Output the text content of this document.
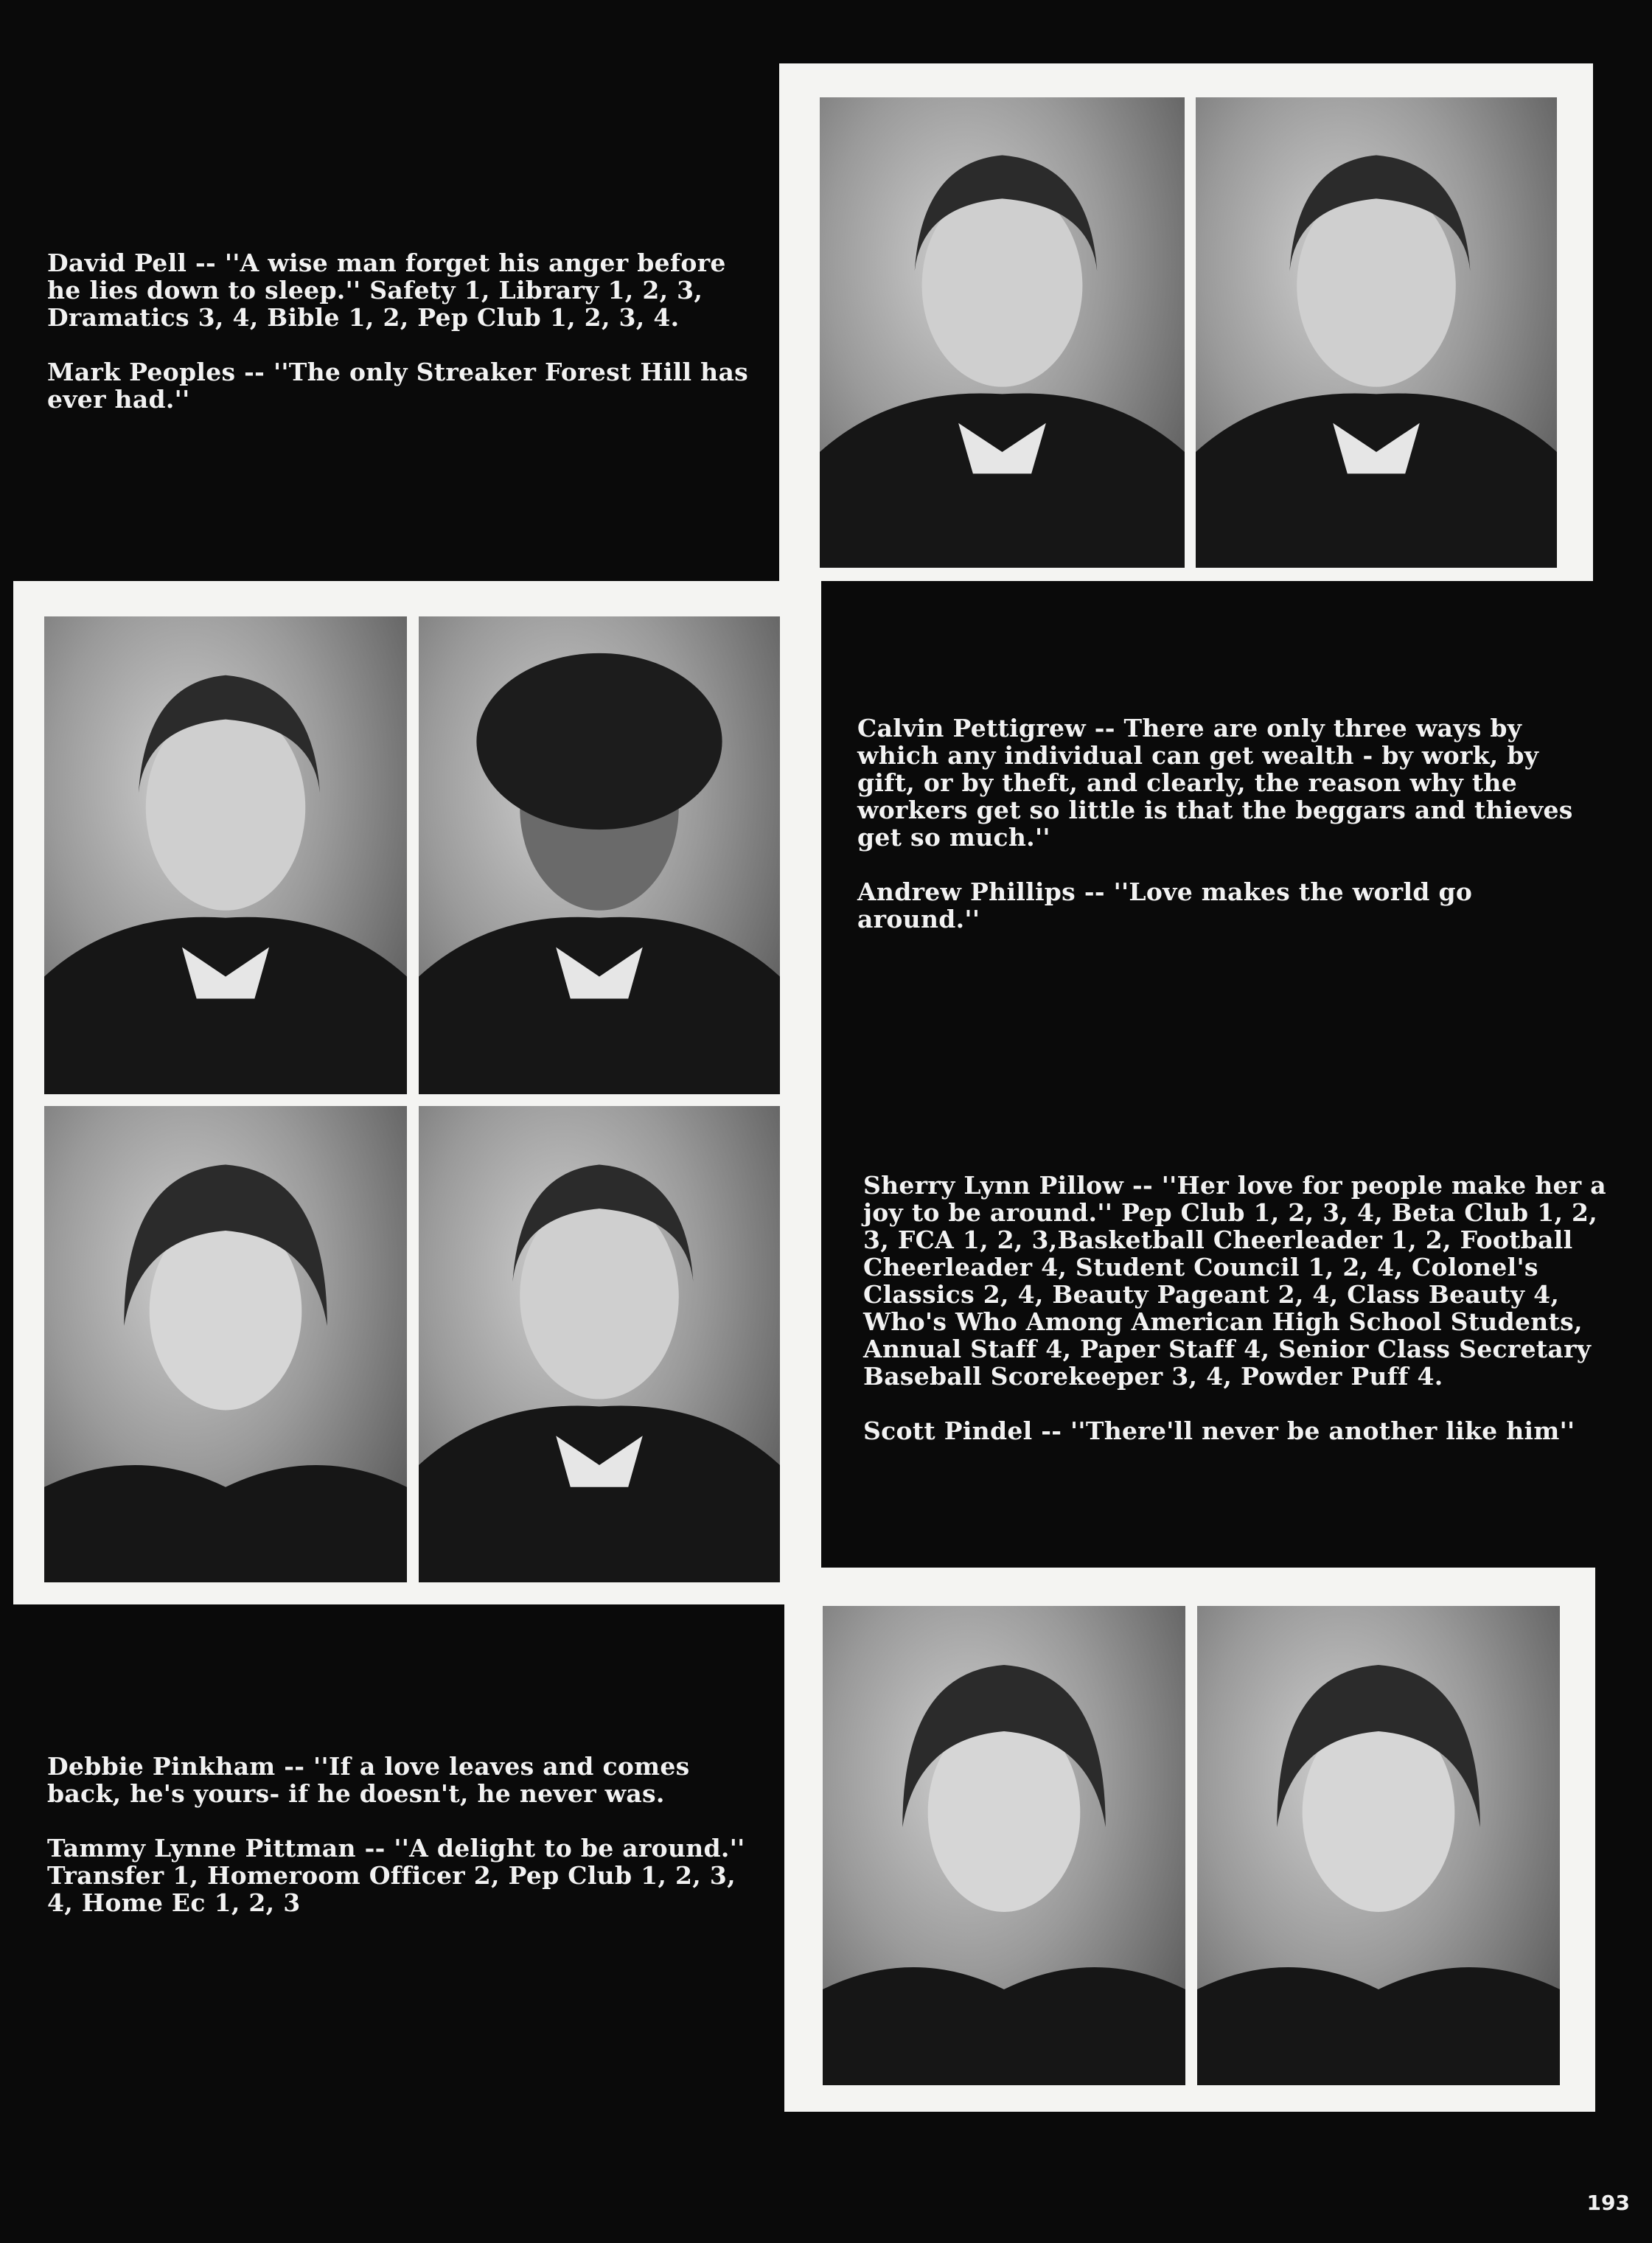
David Pell -- ''A wise man forget his anger before he lies down to sleep.'' Safety 1, Library 1, 2, 3, Dramatics 3, 4, Bible 1, 2, Pep Club 1, 2, 3, 4.

Mark Peoples -- ''The only Streaker Forest Hill has ever had.''

Calvin Pettigrew -- There are only three ways by which any individual can get wealth - by work, by gift, or by theft, and clearly, the reason why the workers get so little is that the beggars and thieves get so much.''

Andrew Phillips -- ''Love makes the world go around.''

Sherry Lynn Pillow -- ''Her love for people make her a joy to be around.'' Pep Club 1, 2, 3, 4, Beta Club 1, 2, 3, FCA 1, 2, 3,Basketball Cheerleader 1, 2, Football Cheerleader 4, Student Council 1, 2, 4, Colonel's Classics 2, 4, Beauty Pageant 2, 4, Class Beauty 4, Who's Who Among American High School Students, Annual Staff 4, Paper Staff 4, Senior Class Secretary Baseball Scorekeeper 3, 4, Powder Puff 4.

Scott Pindel -- ''There'll never be another like him''

Debbie Pinkham -- ''If a love leaves and comes back, he's yours- if he doesn't, he never was.

Tammy Lynne Pittman -- ''A delight to be around.'' Transfer 1, Homeroom Officer 2, Pep Club 1, 2, 3, 4, Home Ec 1, 2, 3

193
